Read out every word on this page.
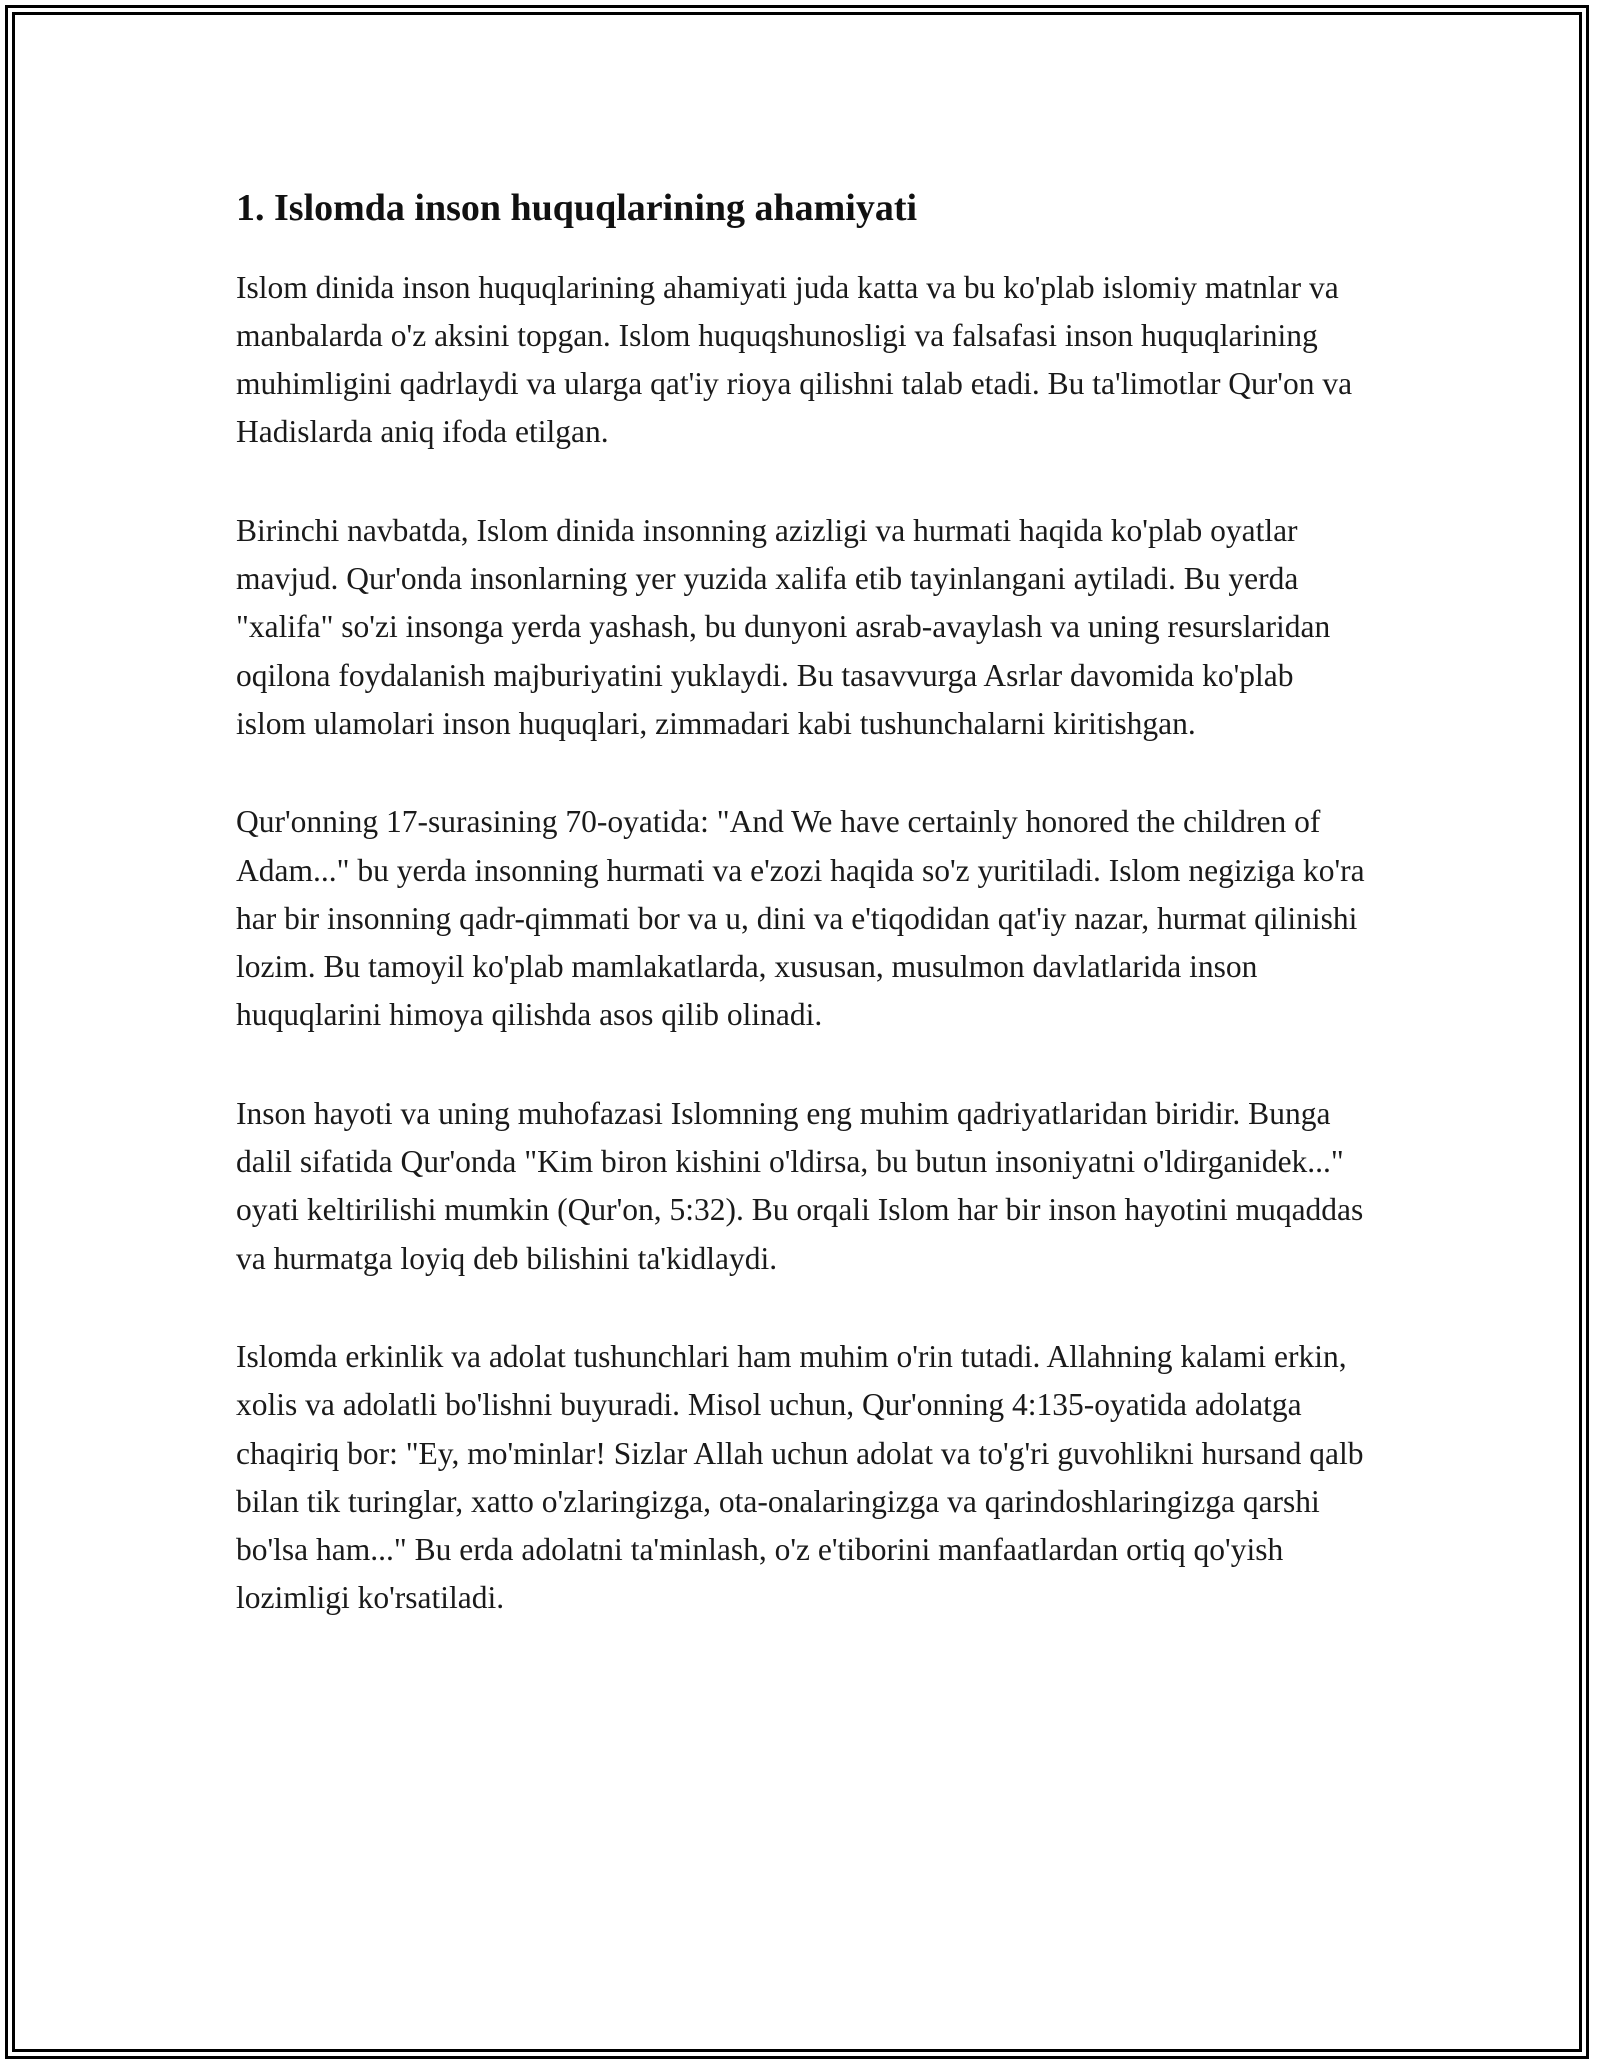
1. Islomda inson huquqlarining ahamiyati

Islom dinida inson huquqlarining ahamiyati juda katta va bu ko'plab islomiy matnlar va manbalarda o'z aksini topgan. Islom huquqshunosligi va falsafasi inson huquqlarining muhimligini qadrlaydi va ularga qat'iy rioya qilishni talab etadi. Bu ta'limotlar Qur'on va Hadislarda aniq ifoda etilgan.

Birinchi navbatda, Islom dinida insonning azizligi va hurmati haqida ko'plab oyatlar mavjud. Qur'onda insonlarning yer yuzida xalifa etib tayinlangani aytiladi. Bu yerda "xalifa" so'zi insonga yerda yashash, bu dunyoni asrab-avaylash va uning resurslaridan oqilona foydalanish majburiyatini yuklaydi. Bu tasavvurga Asrlar davomida ko'plab islom ulamolari inson huquqlari, zimmadari kabi tushunchalarni kiritishgan.

Qur'onning 17-surasining 70-oyatida: "And We have certainly honored the children of Adam..." bu yerda insonning hurmati va e'zozi haqida so'z yuritiladi. Islom negiziga ko'ra har bir insonning qadr-qimmati bor va u, dini va e'tiqodidan qat'iy nazar, hurmat qilinishi lozim. Bu tamoyil ko'plab mamlakatlarda, xususan, musulmon davlatlarida inson huquqlarini himoya qilishda asos qilib olinadi.

Inson hayoti va uning muhofazasi Islomning eng muhim qadriyatlaridan biridir. Bunga dalil sifatida Qur'onda "Kim biron kishini o'ldirsa, bu butun insoniyatni o'ldirganidek..." oyati keltirilishi mumkin (Qur'on, 5:32). Bu orqali Islom har bir inson hayotini muqaddas va hurmatga loyiq deb bilishini ta'kidlaydi.

Islomda erkinlik va adolat tushunchlari ham muhim o'rin tutadi. Allahning kalami erkin, xolis va adolatli bo'lishni buyuradi. Misol uchun, Qur'onning 4:135-oyatida adolatga chaqiriq bor: "Ey, mo'minlar! Sizlar Allah uchun adolat va to'g'ri guvohlikni hursand qalb bilan tik turinglar, xatto o'zlaringizga, ota-onalaringizga va qarindoshlaringizga qarshi bo'lsa ham..." Bu erda adolatni ta'minlash, o'z e'tiborini manfaatlardan ortiq qo'yish lozimligi ko'rsatiladi.
